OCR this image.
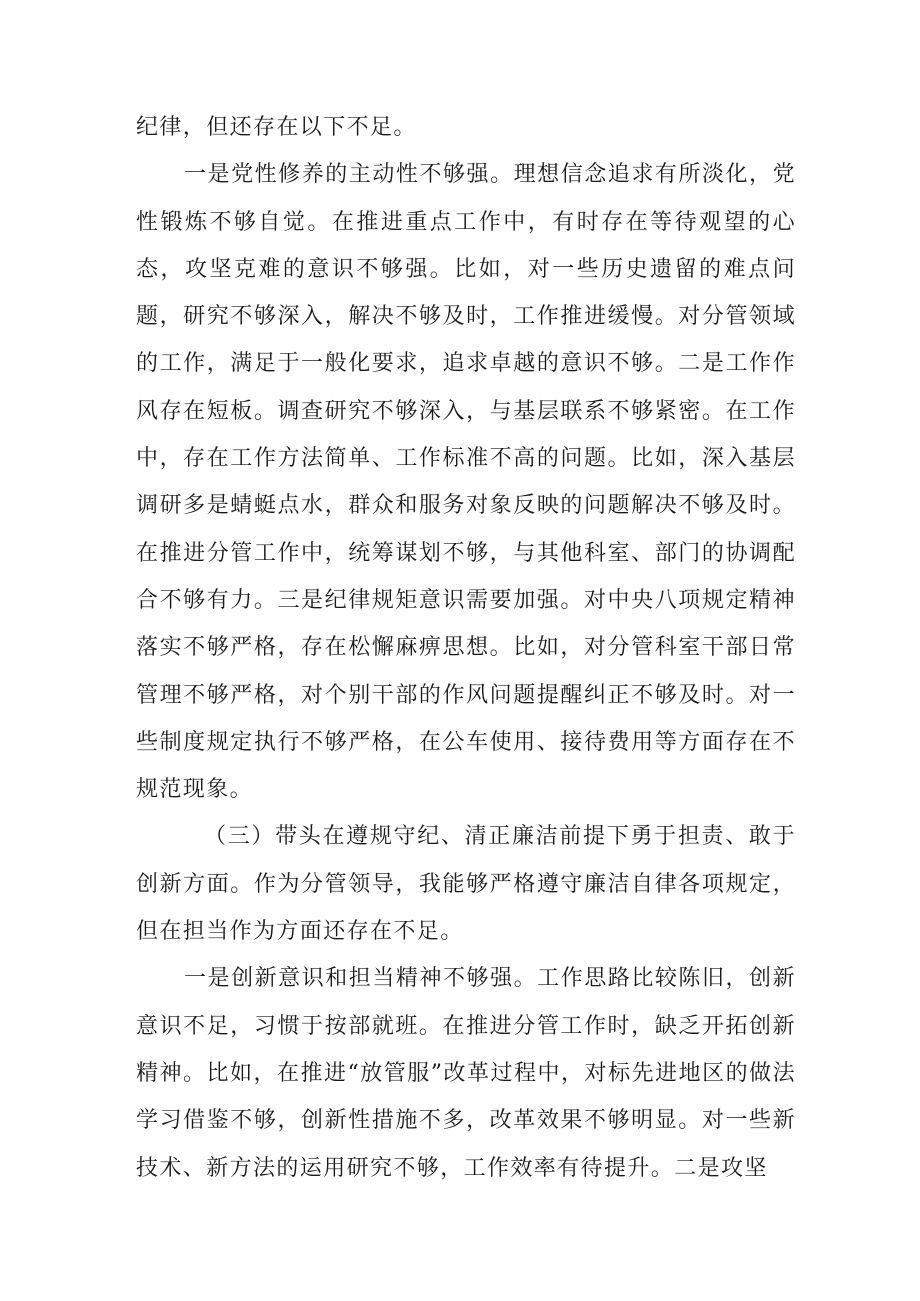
纪律，但还存在以下不足。

一是党性修养的主动性不够强。理想信念追求有所淡化，党性锻炼不够自觉。在推进重点工作中，有时存在等待观望的心态，攻坚克难的意识不够强。比如，对一些历史遗留的难点问题，研究不够深入，解决不够及时，工作推进缓慢。对分管领域的工作，满足于一般化要求，追求卓越的意识不够。二是工作作风存在短板。调查研究不够深入，与基层联系不够紧密。在工作中，存在工作方法简单、工作标准不高的问题。比如，深入基层调研多是蜻蜓点水，群众和服务对象反映的问题解决不够及时。在推进分管工作中，统筹谋划不够，与其他科室、部门的协调配合不够有力。三是纪律规矩意识需要加强。对中央八项规定精神落实不够严格，存在松懈麻痹思想。比如，对分管科室干部日常管理不够严格，对个别干部的作风问题提醒纠正不够及时。对一些制度规定执行不够严格，在公车使用、接待费用等方面存在不规范现象。

（三）带头在遵规守纪、清正廉洁前提下勇于担责、敢于创新方面。作为分管领导，我能够严格遵守廉洁自律各项规定，但在担当作为方面还存在不足。

一是创新意识和担当精神不够强。工作思路比较陈旧，创新意识不足，习惯于按部就班。在推进分管工作时，缺乏开拓创新精神。比如，在推进“放管服”改革过程中，对标先进地区的做法学习借鉴不够，创新性措施不多，改革效果不够明显。对一些新技术、新方法的运用研究不够，工作效率有待提升。二是攻坚
